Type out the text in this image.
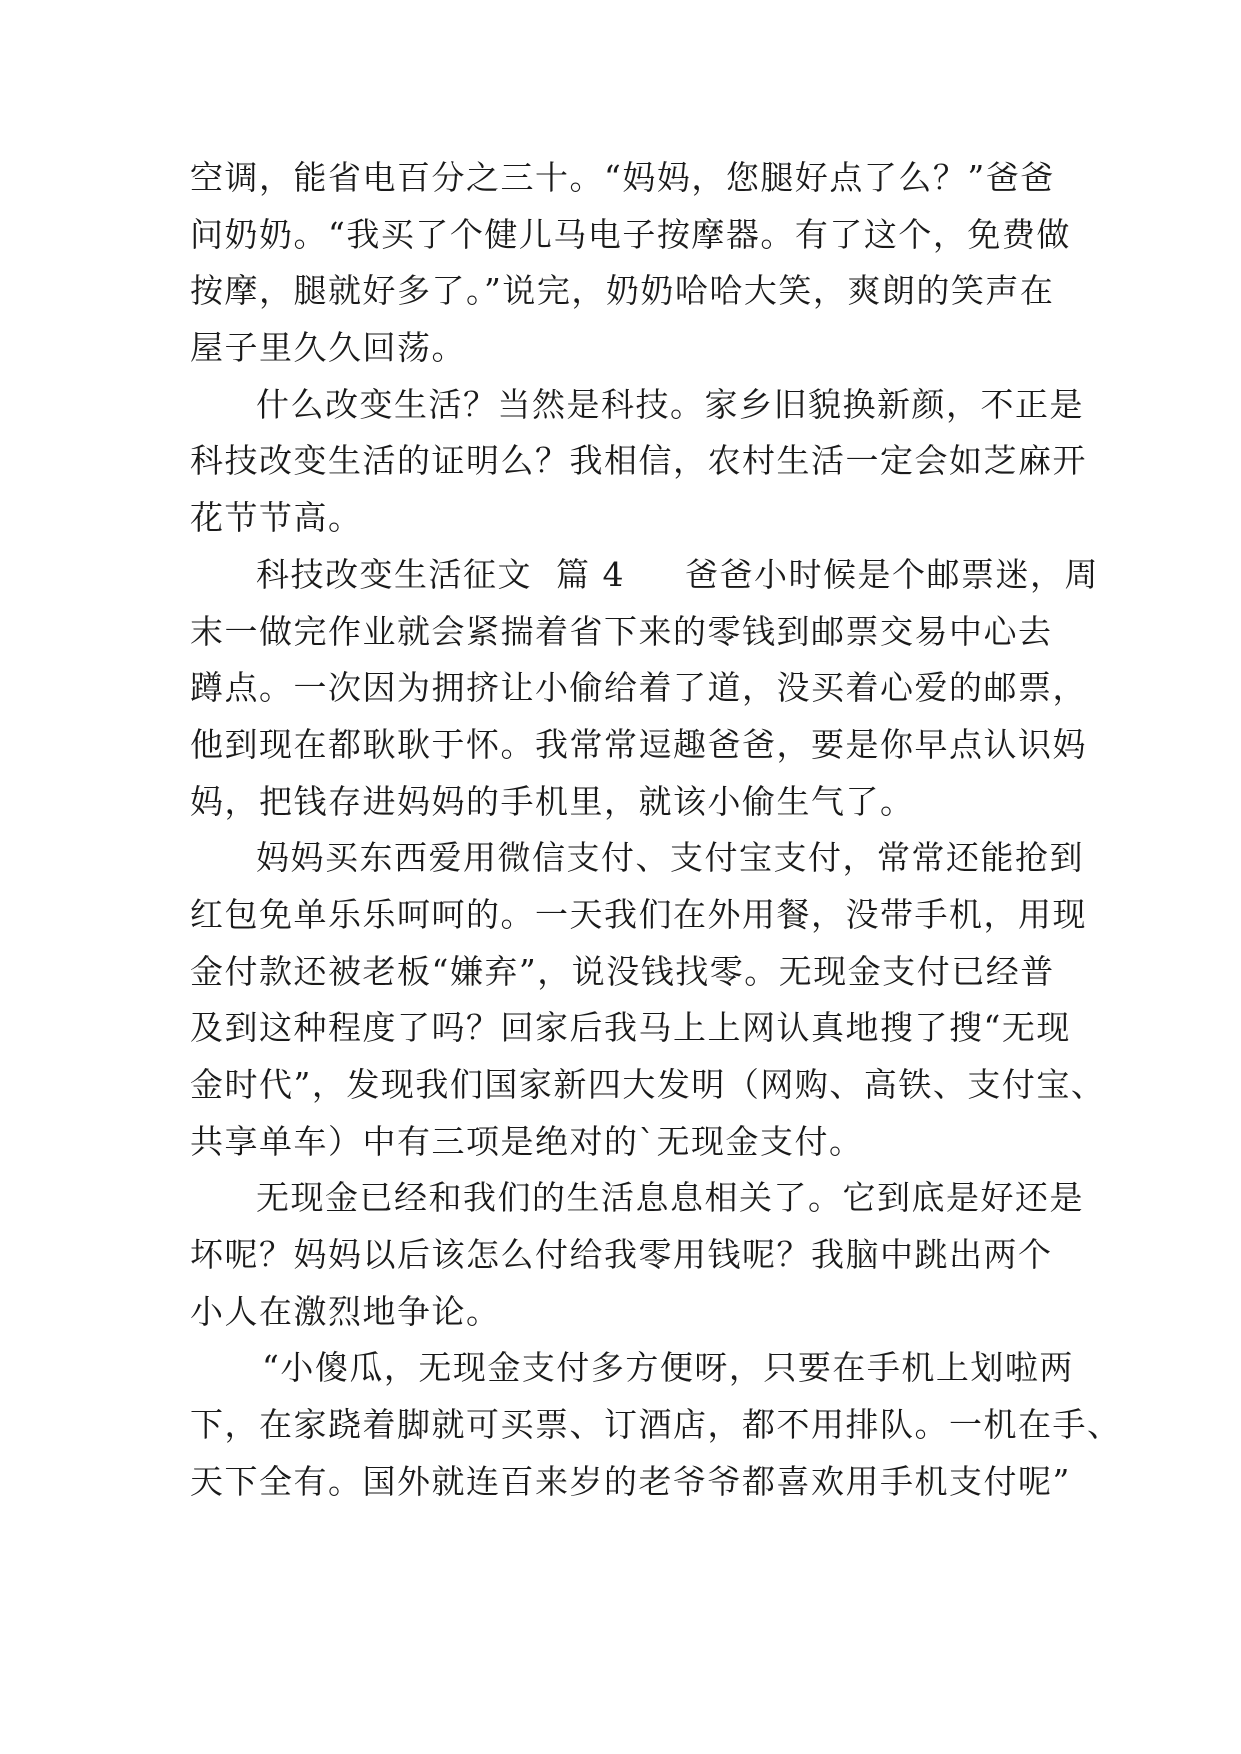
空调，能省电百分之三十。“妈妈，您腿好点了么？”爸爸
问奶奶。“我买了个健儿马电子按摩器。有了这个，免费做
按摩，腿就好多了。”说完，奶奶哈哈大笑，爽朗的笑声在
屋子里久久回荡。
什么改变生活？当然是科技。家乡旧貌换新颜，不正是
科技改变生活的证明么？我相信，农村生活一定会如芝麻开
花节节高。
科技改变生活征文  篇 4 爸爸小时候是个邮票迷，周
末一做完作业就会紧揣着省下来的零钱到邮票交易中心去
蹲点。一次因为拥挤让小偷给着了道，没买着心爱的邮票，
他到现在都耿耿于怀。我常常逗趣爸爸，要是你早点认识妈
妈，把钱存进妈妈的手机里，就该小偷生气了。
妈妈买东西爱用微信支付、支付宝支付，常常还能抢到
红包免单乐乐呵呵的。一天我们在外用餐，没带手机，用现
金付款还被老板“嫌弃”，说没钱找零。无现金支付已经普
及到这种程度了吗？回家后我马上上网认真地搜了搜“无现
金时代”，发现我们国家新四大发明（网购、高铁、支付宝、
共享单车）中有三项是绝对的`无现金支付。
无现金已经和我们的生活息息相关了。它到底是好还是
坏呢？妈妈以后该怎么付给我零用钱呢？我脑中跳出两个
小人在激烈地争论。
“小傻瓜，无现金支付多方便呀，只要在手机上划啦两
下，在家跷着脚就可买票、订酒店，都不用排队。一机在手、
天下全有。国外就连百来岁的老爷爷都喜欢用手机支付呢”
